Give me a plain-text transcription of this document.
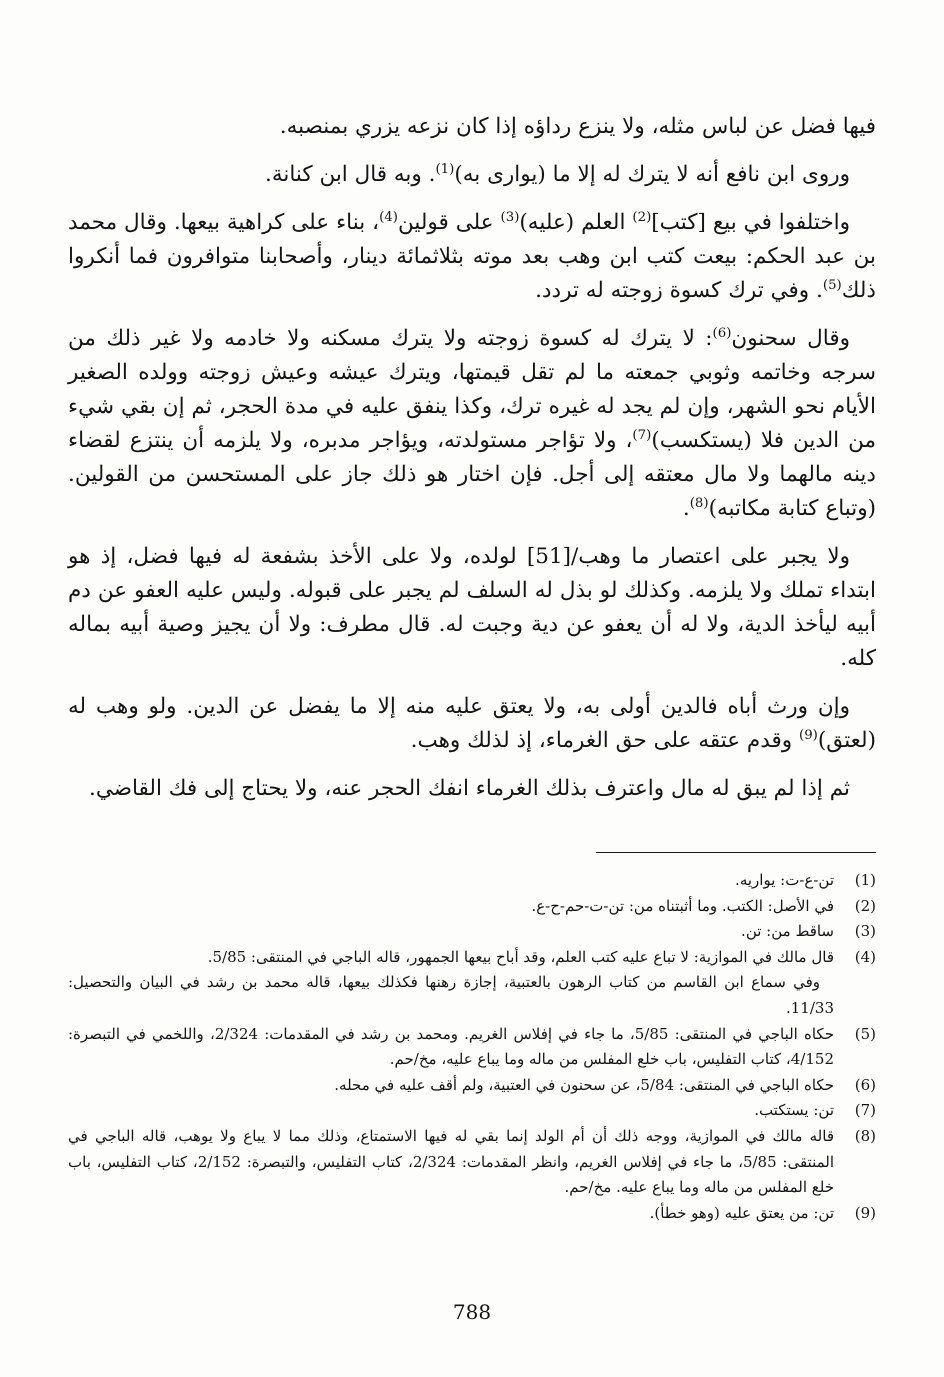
فيها فضل عن لباس مثله، ولا ينزع رداؤه إذا كان نزعه يزري بمنصبه.

وروى ابن نافع أنه لا يترك له إلا ما (يوارى به)$^{(1)}$. وبه قال ابن كنانة.

واختلفوا في بيع [كتب]$^{(2)}$ العلم (عليه)$^{(3)}$ على قولين$^{(4)}$، بناء على كراهية بيعها. وقال محمد بن عبد الحكم: بيعت كتب ابن وهب بعد موته بثلاثمائة دينار، وأصحابنا متوافرون فما أنكروا ذلك$^{(5)}$. وفي ترك كسوة زوجته له تردد.

وقال سحنون$^{(6)}$: لا يترك له كسوة زوجته ولا يترك مسكنه ولا خادمه ولا غير ذلك من سرجه وخاتمه وثوبي جمعته ما لم تقل قيمتها، ويترك عيشه وعيش زوجته وولده الصغير الأيام نحو الشهر، وإن لم يجد له غيره ترك، وكذا ينفق عليه في مدة الحجر، ثم إن بقي شيء من الدين فلا (يستكسب)$^{(7)}$، ولا تؤاجر مستولدته، ويؤاجر مدبره، ولا يلزمه أن ينتزع لقضاء دينه مالهما ولا مال معتقه إلى أجل. فإن اختار هو ذلك جاز على المستحسن من القولين. (وتباع كتابة مكاتبه)$^{(8)}$.

ولا يجبر على اعتصار ما وهب/[51] لولده، ولا على الأخذ بشفعة له فيها فضل، إذ هو ابتداء تملك ولا يلزمه. وكذلك لو بذل له السلف لم يجبر على قبوله. وليس عليه العفو عن دم أبيه ليأخذ الدية، ولا له أن يعفو عن دية وجبت له. قال مطرف: ولا أن يجيز وصية أبيه بماله كله.

وإن ورث أباه فالدين أولى به، ولا يعتق عليه منه إلا ما يفضل عن الدين. ولو وهب له (لعتق)$^{(9)}$ وقدم عتقه على حق الغرماء، إذ لذلك وهب.

ثم إذا لم يبق له مال واعترف بذلك الغرماء انفك الحجر عنه، ولا يحتاج إلى فك القاضي.

(1)
تن-ع-ت: يواريه.
(2)
في الأصل: الكتب. وما أثبتناه من: تن-ت-حم-ح-ع.
(3)
ساقط من: تن.
(4)
قال مالك في الموازية: لا تباع عليه كتب العلم، وقد أباح بيعها الجمهور، قاله الباجي في المنتقى: 5/85.
وفي سماع ابن القاسم من كتاب الرهون بالعتبية، إجازة رهنها فكذلك بيعها، قاله محمد بن رشد في البيان والتحصيل: 11/33.
(5)
حكاه الباجي في المنتقى: 5/85، ما جاء في إفلاس الغريم. ومحمد بن رشد في المقدمات: 2/324، واللخمي في التبصرة: 4/152، كتاب التفليس، باب خلع المفلس من ماله وما يباع عليه، مخ/حم.
(6)
حكاه الباجي في المنتقى: 5/84، عن سحنون في العتبية، ولم أقف عليه في محله.
(7)
تن: يستكتب.
(8)
قاله مالك في الموازية، ووجه ذلك أن أم الولد إنما بقي له فيها الاستمتاع، وذلك مما لا يباع ولا يوهب، قاله الباجي في المنتقى: 5/85، ما جاء في إفلاس الغريم، وانظر المقدمات: 2/324، كتاب التفليس، والتبصرة: 2/152، كتاب التفليس، باب خلع المفلس من ماله وما يباع عليه. مخ/حم.
(9)
تن: من يعتق عليه (وهو خطأ).
788
